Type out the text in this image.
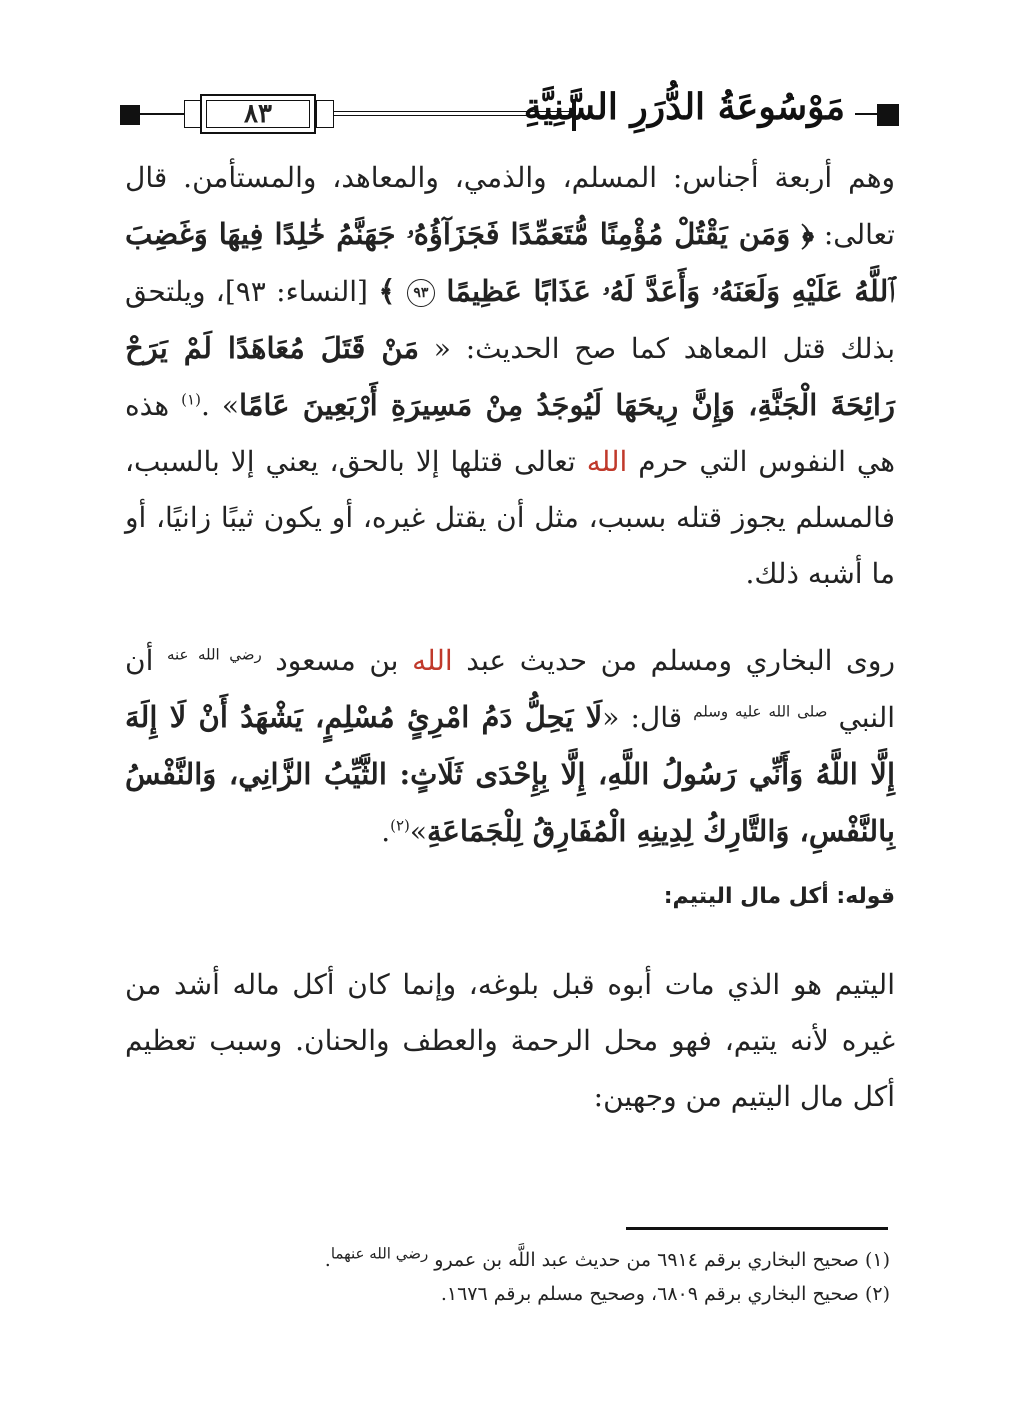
٨٣	مَوْسُوعَةُ الدُّرَرِ السَّنِيَّةِ

وهم أربعة أجناس: المسلم، والذمي، والمعاهد، والمستأمن. قال تعالى: ﴿ وَمَن يَقْتُلْ مُؤْمِنًا مُّتَعَمِّدًا فَجَزَآؤُهُۥ جَهَنَّمُ خَٰلِدًا فِيهَا وَغَضِبَ ٱللَّهُ عَلَيْهِ وَلَعَنَهُۥ وَأَعَدَّ لَهُۥ عَذَابًا عَظِيمًا ٩٣ ﴾ [النساء: ٩٣]، ويلتحق بذلك قتل المعاهد كما صح الحديث: « مَنْ قَتَلَ مُعَاهَدًا لَمْ يَرَحْ رَائِحَةَ الْجَنَّةِ، وَإِنَّ رِيحَهَا لَيُوجَدُ مِنْ مَسِيرَةِ أَرْبَعِينَ عَامًا» .$^{(١)}$ هذه هي النفوس التي حرم الله تعالى قتلها إلا بالحق، يعني إلا بالسبب، فالمسلم يجوز قتله بسبب، مثل أن يقتل غيره، أو يكون ثيبًا زانيًا، أو ما أشبه ذلك.

روى البخاري ومسلم من حديث عبد الله بن مسعود $^{رضي الله عنه}$ أن النبي $^{صلى الله عليه وسلم}$ قال: «لَا يَحِلُّ دَمُ امْرِئٍ مُسْلِمٍ، يَشْهَدُ أَنْ لَا إِلَهَ إِلَّا اللَّهُ وَأَنِّي رَسُولُ اللَّهِ، إِلَّا بِإِحْدَى ثَلَاثٍ: الثَّيِّبُ الزَّانِي، وَالنَّفْسُ بِالنَّفْسِ، وَالتَّارِكُ لِدِينِهِ الْمُفَارِقُ لِلْجَمَاعَةِ»$^{(٢)}$.

قوله: أكل مال اليتيم:

اليتيم هو الذي مات أبوه قبل بلوغه، وإنما كان أكل ماله أشد من غيره لأنه يتيم، فهو محل الرحمة والعطف والحنان. وسبب تعظيم أكل مال اليتيم من وجهين:

(١) صحيح البخاري برقم ٦٩١٤ من حديث عبد اللَّه بن عمرو $^{رضي الله عنهما}$.

(٢) صحيح البخاري برقم ٦٨٠٩، وصحيح مسلم برقم ١٦٧٦.
